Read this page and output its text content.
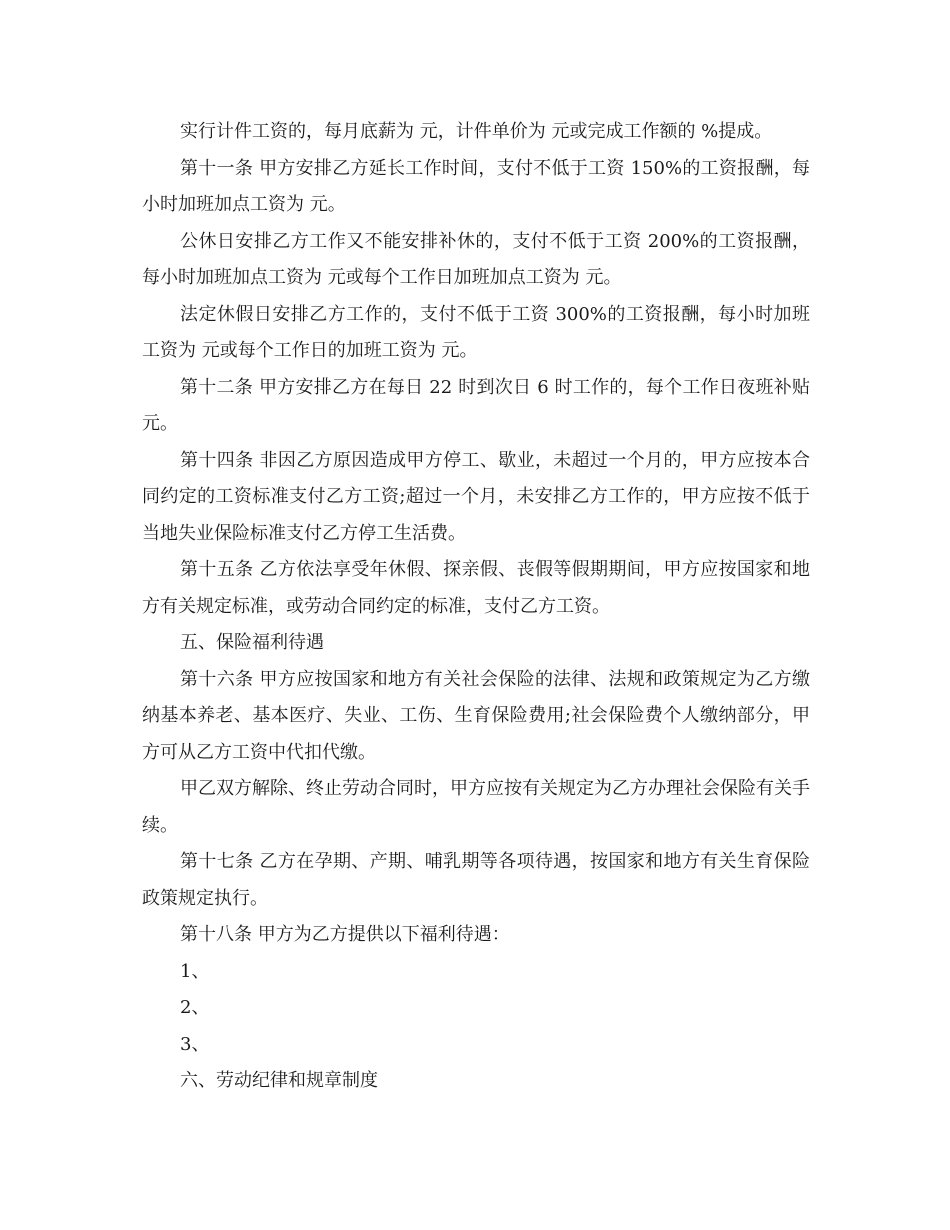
实行计件工资的，每月底薪为 元，计件单价为 元或完成工作额的 %提成。

第十一条 甲方安排乙方延长工作时间，支付不低于工资 150%的工资报酬，每小时加班加点工资为 元。

公休日安排乙方工作又不能安排补休的，支付不低于工资 200%的工资报酬，每小时加班加点工资为 元或每个工作日加班加点工资为 元。

法定休假日安排乙方工作的，支付不低于工资 300%的工资报酬，每小时加班工资为 元或每个工作日的加班工资为 元。

第十二条 甲方安排乙方在每日 22 时到次日 6 时工作的，每个工作日夜班补贴 元。

第十四条 非因乙方原因造成甲方停工、歇业，未超过一个月的，甲方应按本合同约定的工资标准支付乙方工资;超过一个月，未安排乙方工作的，甲方应按不低于当地失业保险标准支付乙方停工生活费。

第十五条 乙方依法享受年休假、探亲假、丧假等假期期间，甲方应按国家和地方有关规定标准，或劳动合同约定的标准，支付乙方工资。

五、保险福利待遇

第十六条 甲方应按国家和地方有关社会保险的法律、法规和政策规定为乙方缴纳基本养老、基本医疗、失业、工伤、生育保险费用;社会保险费个人缴纳部分，甲方可从乙方工资中代扣代缴。

甲乙双方解除、终止劳动合同时，甲方应按有关规定为乙方办理社会保险有关手续。

第十七条 乙方在孕期、产期、哺乳期等各项待遇，按国家和地方有关生育保险政策规定执行。

第十八条 甲方为乙方提供以下福利待遇：

1、

2、

3、

六、劳动纪律和规章制度
